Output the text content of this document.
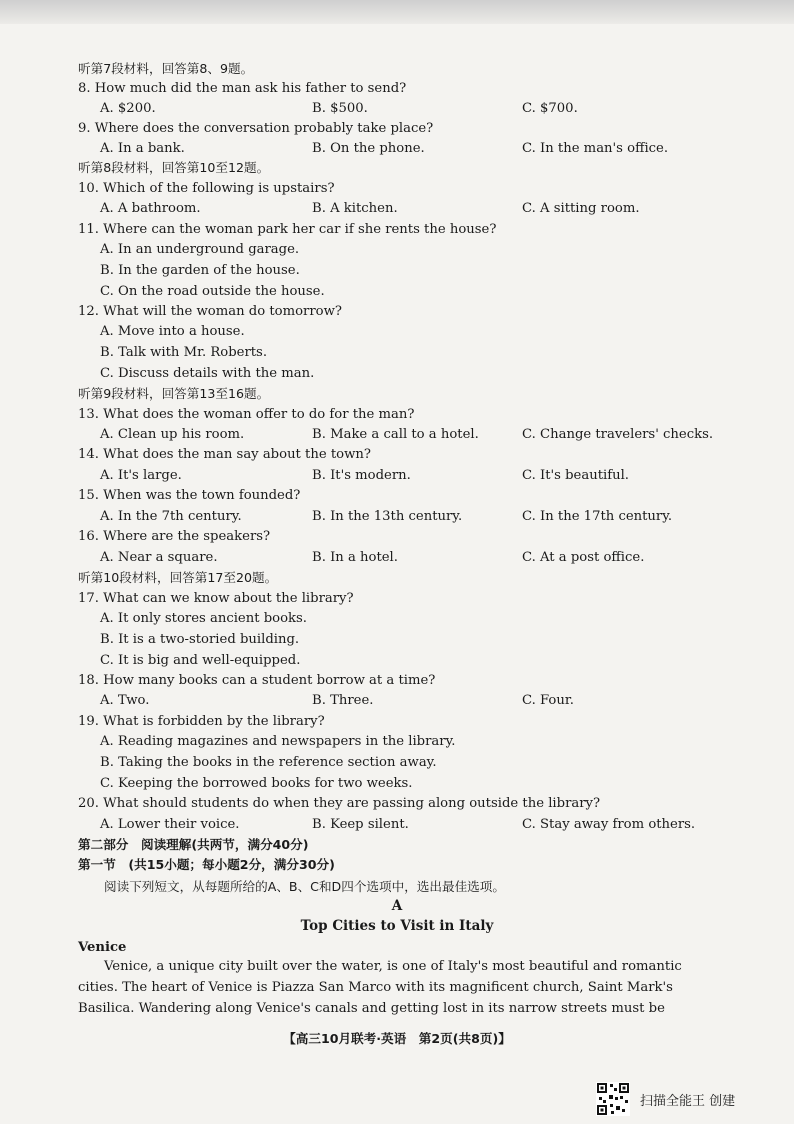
听第7段材料，回答第8、9题。
8. How much did the man ask his father to send?
A. $200.	B. $500.	C. $700.
9. Where does the conversation probably take place?
A. In a bank.	B. On the phone.	C. In the man's office.
听第8段材料，回答第10至12题。
10. Which of the following is upstairs?
A. A bathroom.	B. A kitchen.	C. A sitting room.
11. Where can the woman park her car if she rents the house?
A. In an underground garage.
B. In the garden of the house.
C. On the road outside the house.
12. What will the woman do tomorrow?
A. Move into a house.
B. Talk with Mr. Roberts.
C. Discuss details with the man.
听第9段材料，回答第13至16题。
13. What does the woman offer to do for the man?
A. Clean up his room.	B. Make a call to a hotel.	C. Change travelers' checks.
14. What does the man say about the town?
A. It's large.	B. It's modern.	C. It's beautiful.
15. When was the town founded?
A. In the 7th century.	B. In the 13th century.	C. In the 17th century.
16. Where are the speakers?
A. Near a square.	B. In a hotel.	C. At a post office.
听第10段材料，回答第17至20题。
17. What can we know about the library?
A. It only stores ancient books.
B. It is a two-storied building.
C. It is big and well-equipped.
18. How many books can a student borrow at a time?
A. Two.	B. Three.	C. Four.
19. What is forbidden by the library?
A. Reading magazines and newspapers in the library.
B. Taking the books in the reference section away.
C. Keeping the borrowed books for two weeks.
20. What should students do when they are passing along outside the library?
A. Lower their voice.	B. Keep silent.	C. Stay away from others.
第二部分　阅读理解(共两节，满分40分)
第一节　(共15小题；每小题2分，满分30分)
阅读下列短文，从每题所给的A、B、C和D四个选项中，选出最佳选项。
A
Top Cities to Visit in Italy
Venice
Venice, a unique city built over the water, is one of Italy's most beautiful and romantic
cities. The heart of Venice is Piazza San Marco with its magnificent church, Saint Mark's
Basilica. Wandering along Venice's canals and getting lost in its narrow streets must be
【高三10月联考·英语　第2页(共8页)】
扫描全能王 创建
